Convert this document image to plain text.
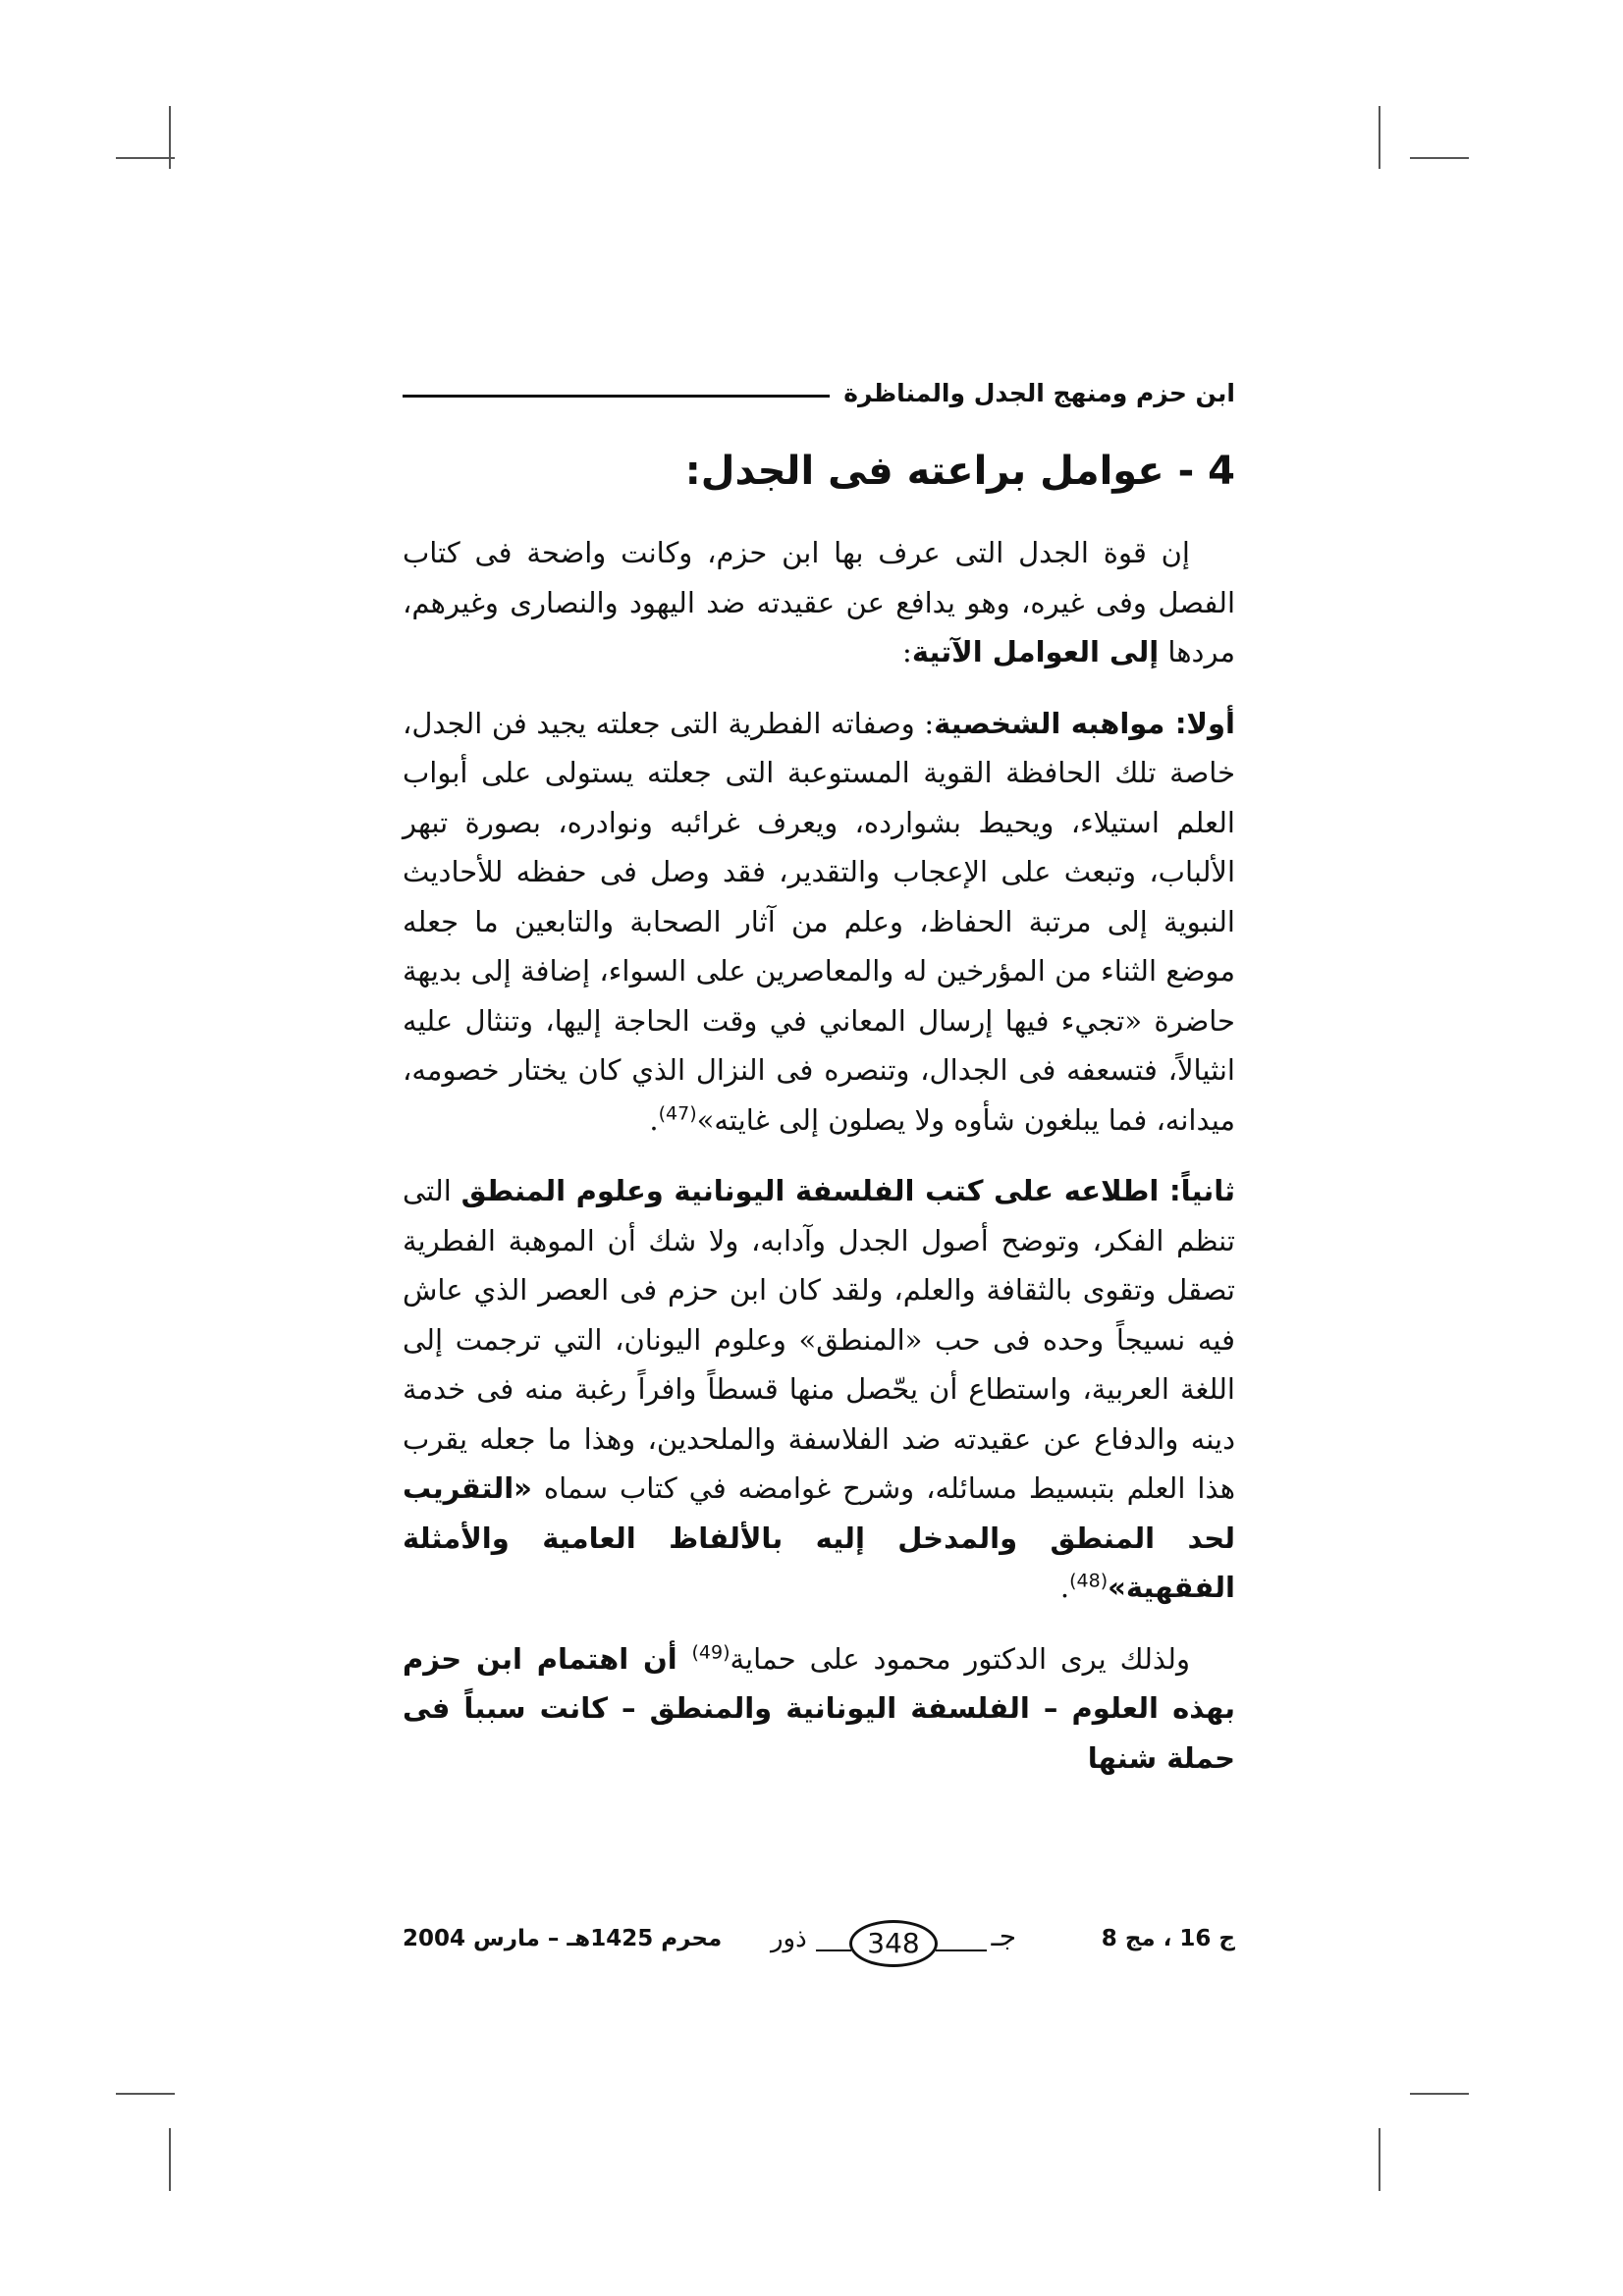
ابن حزم ومنهج الجدل والمناظرة
4 - عوامل براعته فى الجدل:

إن قوة الجدل التى عرف بها ابن حزم، وكانت واضحة فى كتاب الفصل وفى غيره، وهو يدافع عن عقيدته ضد اليهود والنصارى وغيرهم، مردها إلى العوامل الآتية:

أولا: مواهبه الشخصية: وصفاته الفطرية التى جعلته يجيد فن الجدل، خاصة تلك الحافظة القوية المستوعبة التى جعلته يستولى على أبواب العلم استيلاء، ويحيط بشوارده، ويعرف غرائبه ونوادره، بصورة تبهر الألباب، وتبعث على الإعجاب والتقدير، فقد وصل فى حفظه للأحاديث النبوية إلى مرتبة الحفاظ، وعلم من آثار الصحابة والتابعين ما جعله موضع الثناء من المؤرخين له والمعاصرين على السواء، إضافة إلى بديهة حاضرة «تجيء فيها إرسال المعاني في وقت الحاجة إليها، وتنثال عليه انثيالاً، فتسعفه فى الجدال، وتنصره فى النزال الذي كان يختار خصومه، ميدانه، فما يبلغون شأوه ولا يصلون إلى غايته»$^{(47)}$.

ثانياً: اطلاعه على كتب الفلسفة اليونانية وعلوم المنطق التى تنظم الفكر، وتوضح أصول الجدل وآدابه، ولا شك أن الموهبة الفطرية تصقل وتقوى بالثقافة والعلم، ولقد كان ابن حزم فى العصر الذي عاش فيه نسيجاً وحده فى حب «المنطق» وعلوم اليونان، التي ترجمت إلى اللغة العربية، واستطاع أن يحّصل منها قسطاً وافراً رغبة منه فى خدمة دينه والدفاع عن عقيدته ضد الفلاسفة والملحدين، وهذا ما جعله يقرب هذا العلم بتبسيط مسائله، وشرح غوامضه في كتاب سماه «التقريب لحد المنطق والمدخل إليه بالألفاظ العامية والأمثلة الفقهية»$^{(48)}$.

ولذلك يرى الدكتور محمود على حماية$^{(49)}$ أن اهتمام ابن حزم بهذه العلوم – الفلسفة اليونانية والمنطق – كانت سبباً فى حملة شنها

ج 16 ، مج 8
ذور	348	جـ
محرم 1425هـ – مارس 2004
